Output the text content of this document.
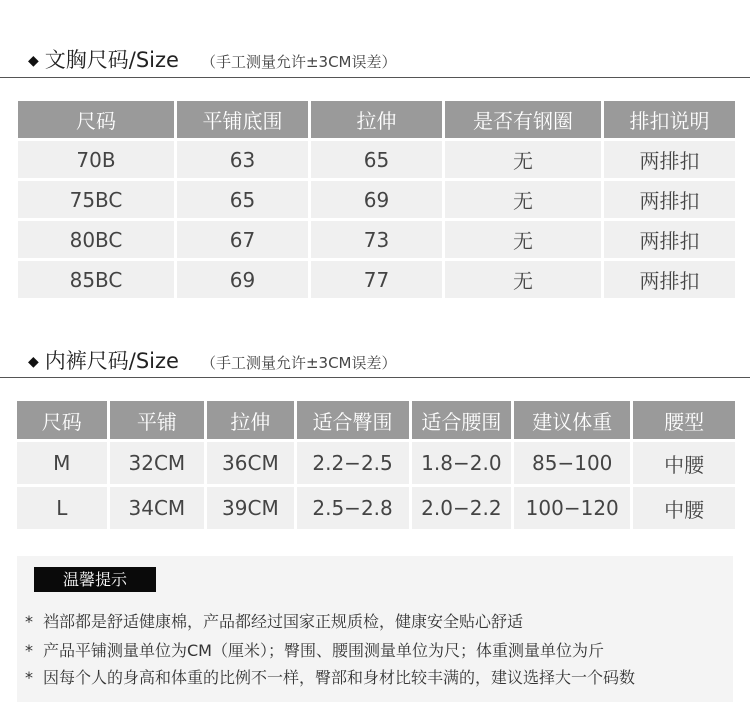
◆ 文胸尺码/Size （手工测量允许±3CM误差）
尺码	平铺底围	拉伸	是否有钢圈	排扣说明
70B	63	65	无	两排扣
75BC	65	69	无	两排扣
80BC	67	73	无	两排扣
85BC	69	77	无	两排扣
◆ 内裤尺码/Size （手工测量允许±3CM误差）
尺码	平铺	拉伸	适合臀围	适合腰围	建议体重	腰型
M	32CM	36CM	2.2−2.5	1.8−2.0	85−100	中腰
L	34CM	39CM	2.5−2.8	2.0−2.2	100−120	中腰
温馨提示
* 裆部都是舒适健康棉，产品都经过国家正规质检，健康安全贴心舒适
* 产品平铺测量单位为CM（厘米）；臀围、腰围测量单位为尺；体重测量单位为斤
* 因每个人的身高和体重的比例不一样，臀部和身材比较丰满的，建议选择大一个码数
